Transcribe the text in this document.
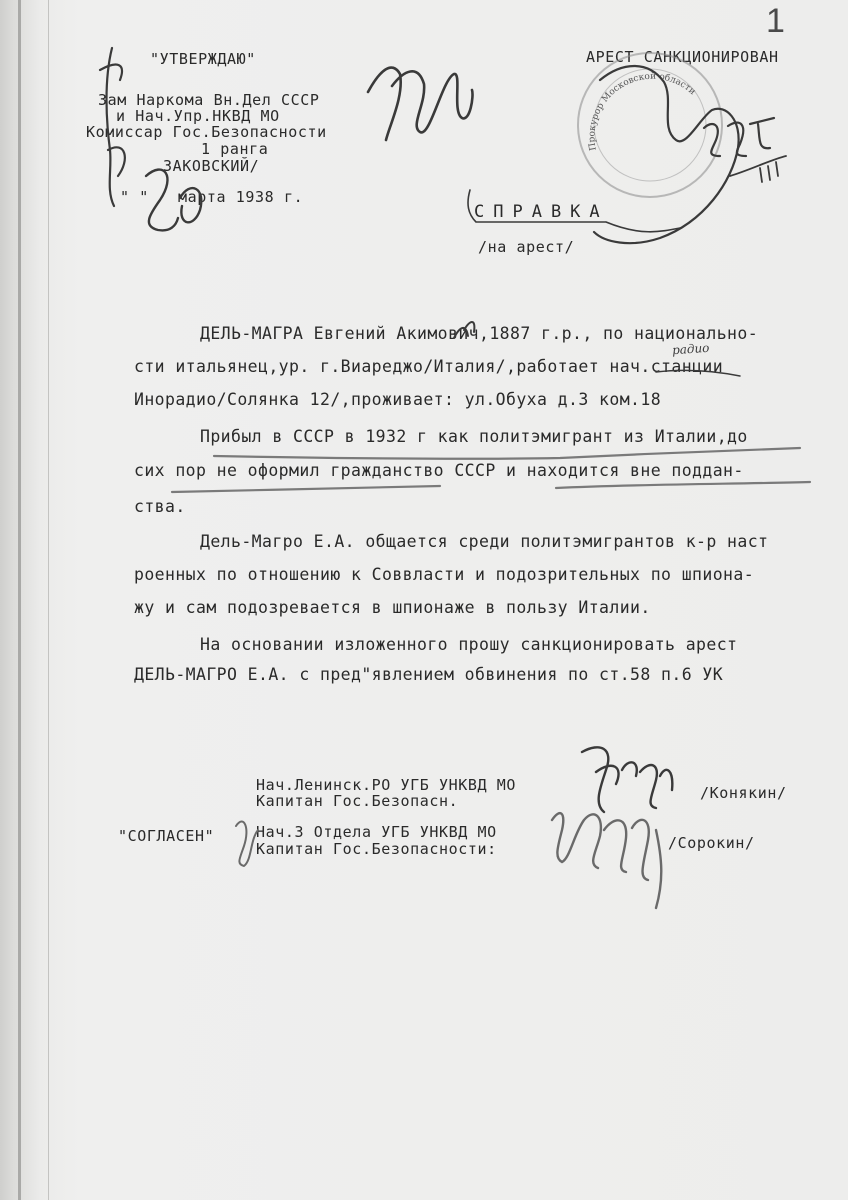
1
"УТВЕРЖДАЮ"
Зам Наркома Вн.Дел СССР
и Нач.Упр.НКВД МО
Комиссар Гос.Безопасности
1 ранга
ЗАКОВСКИЙ/
" " марта 1938 г.
АРЕСТ САНКЦИОНИРОВАН
Прокурор Московской области
СПРАВКА
/на арест/
радио
ДЕЛЬ-МАГРА Евгений Акимович,1887 г.р., по национально-
сти итальянец,ур. г.Виареджо/Италия/,работает нач.станции
Инорадио/Солянка 12/,проживает: ул.Обуха д.3 ком.18
Прибыл в СССР в 1932 г как политэмигрант из Италии,до
сих пор не оформил гражданство СССР и находится вне поддан-
ства.
Дель-Магро Е.А. общается среди политэмигрантов к-р наст
роенных по отношению к Соввласти и подозрительных по шпиона-
жу и сам подозревается в шпионаже в пользу Италии.
На основании изложенного прошу санкционировать арест
ДЕЛЬ-МАГРО Е.А. с пред"явлением обвинения по ст.58 п.6 УК
Нач.Ленинск.РО УГБ УНКВД МО
Капитан Гос.Безопасн.	/Конякин/
"СОГЛАСЕН"	Нач.3 Отдела УГБ УНКВД МО
Капитан Гос.Безопасности:	/Сорокин/
